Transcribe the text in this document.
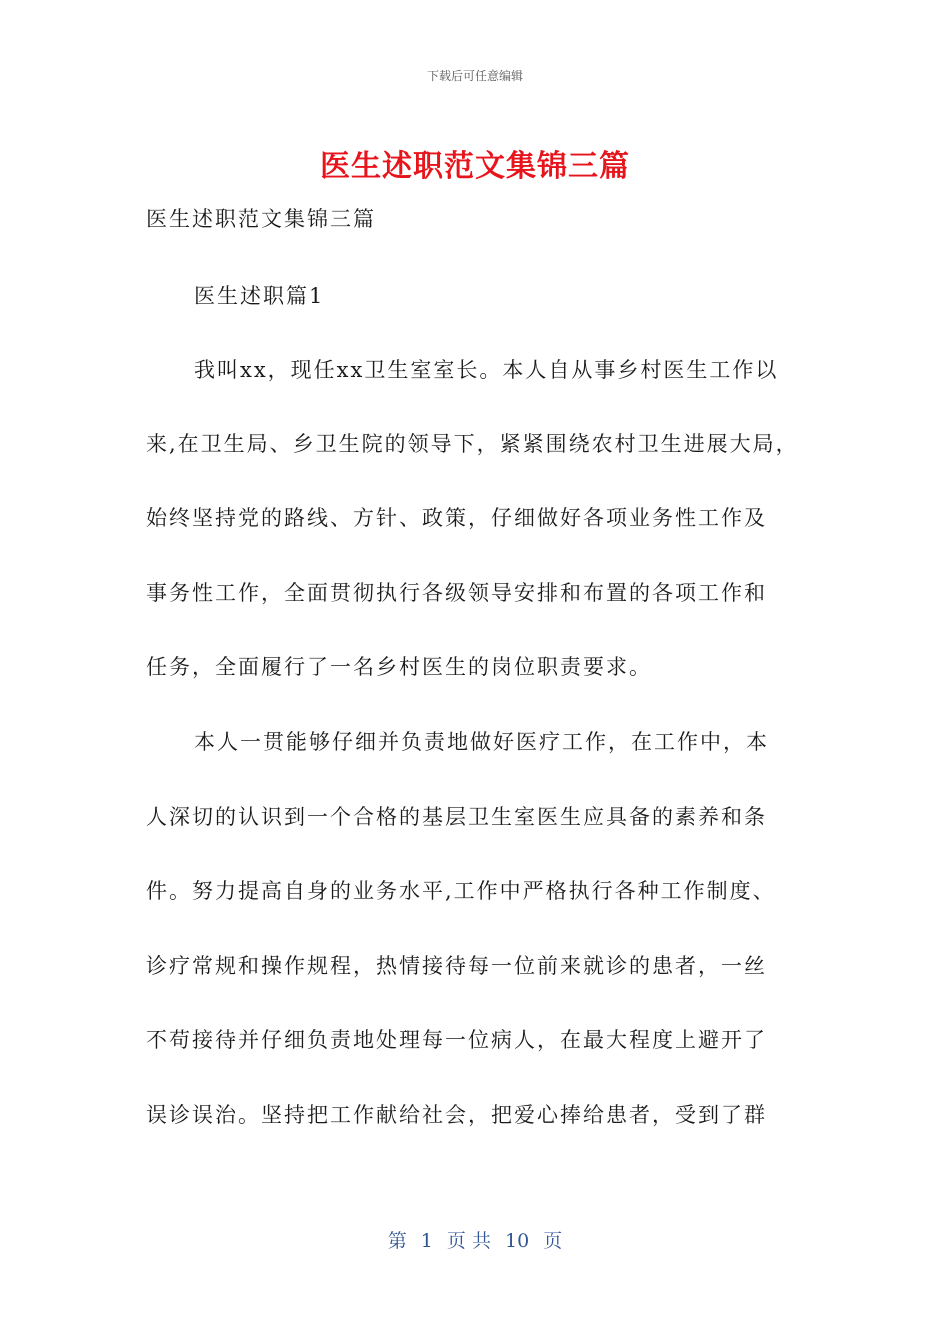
下载后可任意编辑
医生述职范文集锦三篇
医生述职范文集锦三篇
医生述职篇1
我叫xx，现任xx卫生室室长。本人自从事乡村医生工作以
来,在卫生局、乡卫生院的领导下，紧紧围绕农村卫生进展大局，
始终坚持党的路线、方针、政策，仔细做好各项业务性工作及
事务性工作，全面贯彻执行各级领导安排和布置的各项工作和
任务，全面履行了一名乡村医生的岗位职责要求。
本人一贯能够仔细并负责地做好医疗工作，在工作中，本
人深切的认识到一个合格的基层卫生室医生应具备的素养和条
件。努力提高自身的业务水平,工作中严格执行各种工作制度、
诊疗常规和操作规程，热情接待每一位前来就诊的患者，一丝
不苟接待并仔细负责地处理每一位病人，在最大程度上避开了
误诊误治。坚持把工作献给社会，把爱心捧给患者，受到了群
第 1 页 共 10 页
